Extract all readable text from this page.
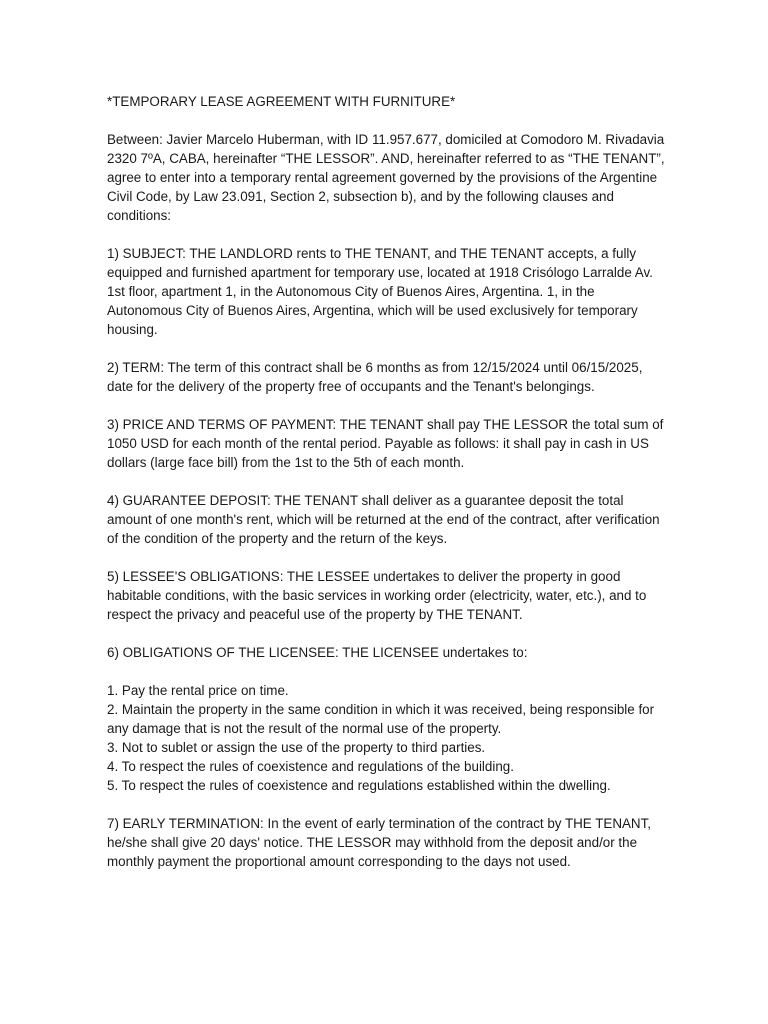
*TEMPORARY LEASE AGREEMENT WITH FURNITURE*

Between: Javier Marcelo Huberman, with ID 11.957.677, domiciled at Comodoro M. Rivadavia 2320 7ºA, CABA, hereinafter “THE LESSOR”. AND, hereinafter referred to as “THE TENANT”, agree to enter into a temporary rental agreement governed by the provisions of the Argentine Civil Code, by Law 23.091, Section 2, subsection b), and by the following clauses and conditions:

1) SUBJECT: THE LANDLORD rents to THE TENANT, and THE TENANT accepts, a fully equipped and furnished apartment for temporary use, located at 1918 Crisólogo Larralde Av. 1st floor, apartment 1, in the Autonomous City of Buenos Aires, Argentina. 1, in the Autonomous City of Buenos Aires, Argentina, which will be used exclusively for temporary housing.

2) TERM: The term of this contract shall be 6 months as from 12/15/2024 until 06/15/2025, date for the delivery of the property free of occupants and the Tenant's belongings.

3) PRICE AND TERMS OF PAYMENT: THE TENANT shall pay THE LESSOR the total sum of 1050 USD for each month of the rental period. Payable as follows: it shall pay in cash in US dollars (large face bill) from the 1st to the 5th of each month.

4) GUARANTEE DEPOSIT: THE TENANT shall deliver as a guarantee deposit the total amount of one month's rent, which will be returned at the end of the contract, after verification of the condition of the property and the return of the keys.

5) LESSEE'S OBLIGATIONS: THE LESSEE undertakes to deliver the property in good habitable conditions, with the basic services in working order (electricity, water, etc.), and to respect the privacy and peaceful use of the property by THE TENANT.

6) OBLIGATIONS OF THE LICENSEE: THE LICENSEE undertakes to:

1. Pay the rental price on time.
2. Maintain the property in the same condition in which it was received, being responsible for any damage that is not the result of the normal use of the property.
3. Not to sublet or assign the use of the property to third parties.
4. To respect the rules of coexistence and regulations of the building.
5. To respect the rules of coexistence and regulations established within the dwelling.

7) EARLY TERMINATION: In the event of early termination of the contract by THE TENANT, he/she shall give 20 days' notice. THE LESSOR may withhold from the deposit and/or the monthly payment the proportional amount corresponding to the days not used.
